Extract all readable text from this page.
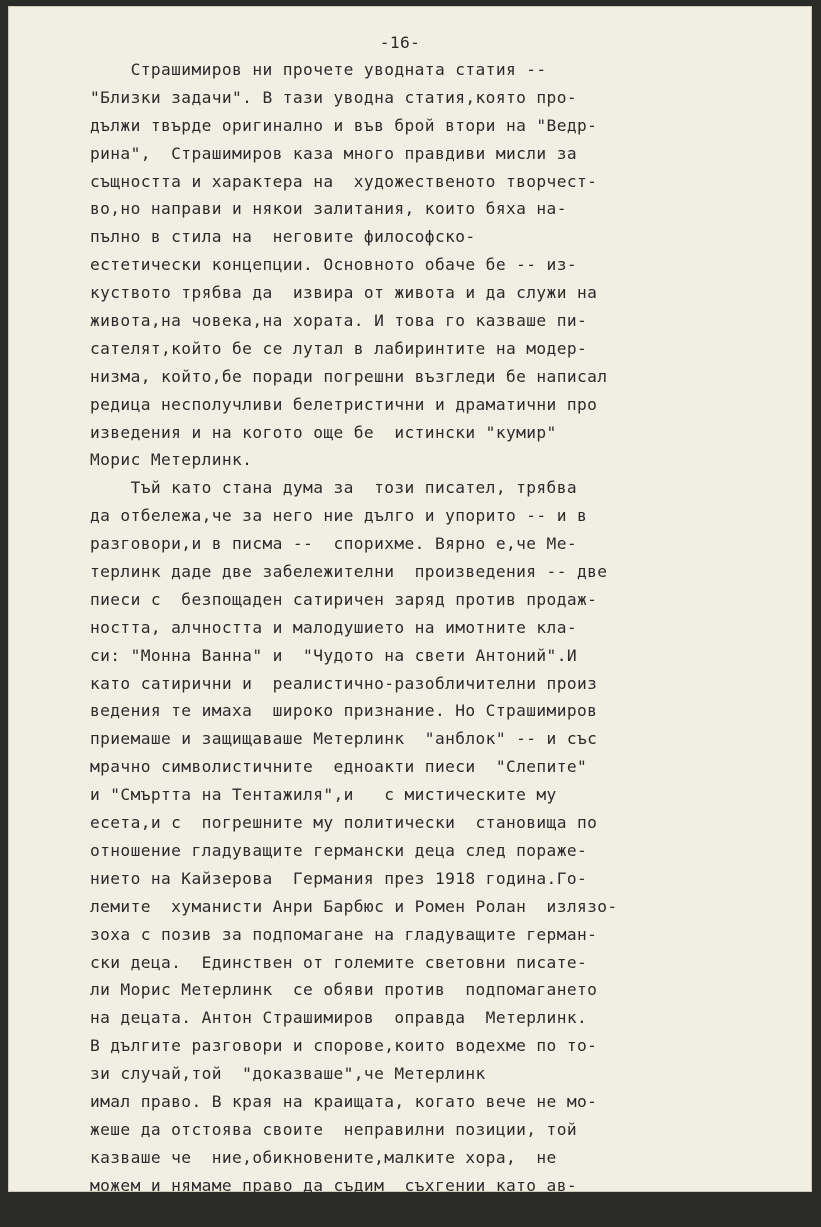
-16-
Страшимиров ни прочете уводната статия --
"Близки задачи". В тази уводна статия,която про-
дължи твърде оригинално и във брой втори на "Ведр-
рина",  Страшимиров каза много правдиви мисли за
същността и характера на  художественото творчест-
во,но направи и някои залитания, които бяха на-
пълно в стила на  неговите философско-
естетически концепции. Основното обаче бе -- из-
куството трябва да  извира от живота и да служи на
живота,на човека,на хората. И това го казваше пи-
сателят,който бе се лутал в лабиринтите на модер-
низма, който,бе поради погрешни възгледи бе написал
редица несполучливи белетристични и драматични про
изведения и на когото още бе  истински "кумир"
Морис Метерлинк.
Тъй като стана дума за  този писател, трябва
да отбележа,че за него ние дълго и упорито -- и в
разговори,и в писма --  спорихме. Вярно е,че Ме-
терлинк даде две забележителни  произведения -- две
пиеси с  безпощаден сатиричен заряд против продаж-
ността, алчността и малодушието на имотните кла-
си: "Монна Ванна" и  "Чудото на свети Антоний".И
като сатирични и  реалистично-разобличителни произ
ведения те имаха  широко признание. Но Страшимиров
приемаше и защищаваше Метерлинк  "анблок" -- и със
мрачно символистичните  едноакти пиеси  "Слепите"
и "Смъртта на Тентажиля",и   с мистическите му
есета,и с  погрешните му политически  становища по
отношение гладуващите германски деца след пораже-
нието на Кайзерова  Германия през 1918 година.Го-
лемите  хуманисти Анри Барбюс и Ромен Ролан  излязо-
зоха с позив за подпомагане на гладуващите герман-
ски деца.  Единствен от големите световни писате-
ли Морис Метерлинк  се обяви против  подпомагането
на децата. Антон Страшимиров  оправда  Метерлинк.
В дългите разговори и спорове,които водехме по то-
зи случай,той  "доказваше",че Метерлинк
имал право. В края на краищата, когато вече не мо-
жеше да отстоява своите  неправилни позиции, той
казваше че  ние,обикновените,малките хора,  не
можем и нямаме право да съдим  съхгении като ав-
тора на "Монна Ванна"...
